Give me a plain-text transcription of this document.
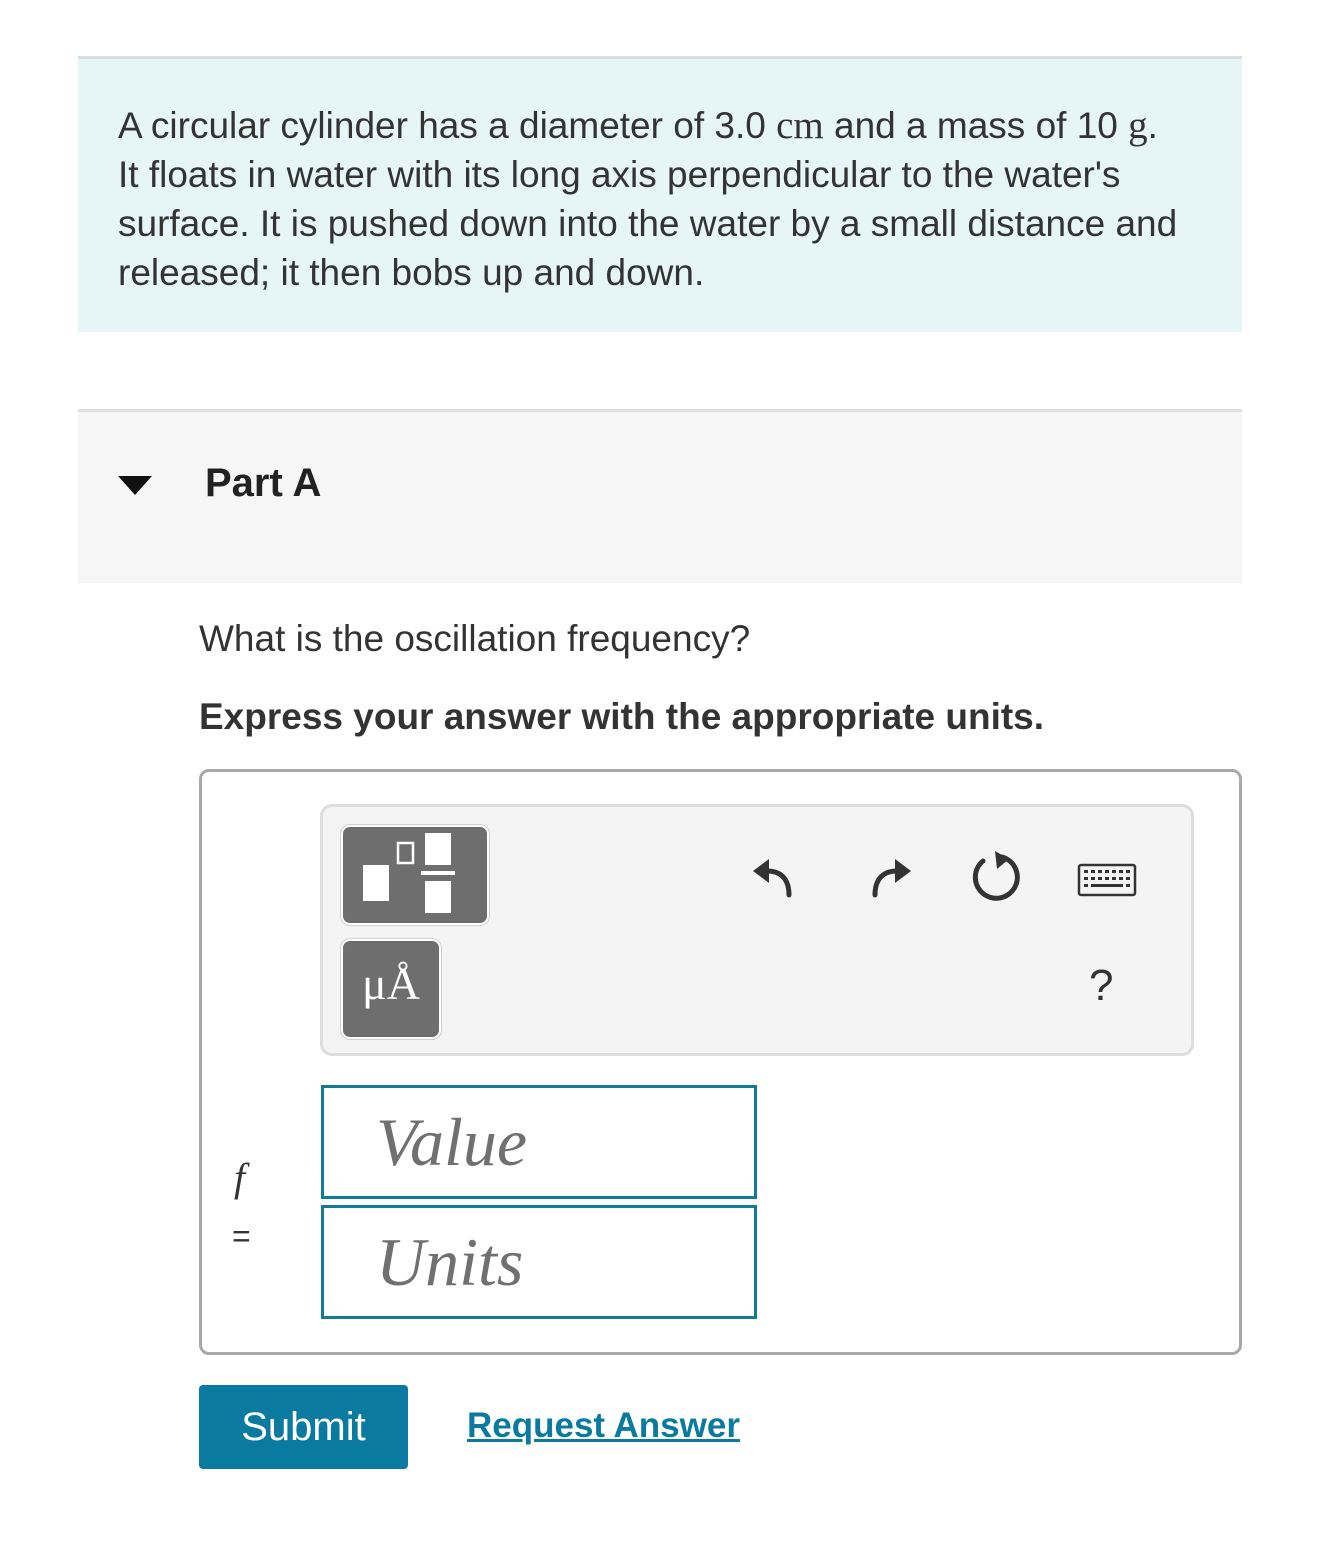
A circular cylinder has a diameter of 3.0 cm and a mass of 10 g. It floats in water with its long axis perpendicular to the water's surface. It is pushed down into the water by a small distance and released; it then bobs up and down.
Part A
What is the oscillation frequency?
Express your answer with the appropriate units.
μÅ	?
f
=
Value
Units
Submit	Request Answer
